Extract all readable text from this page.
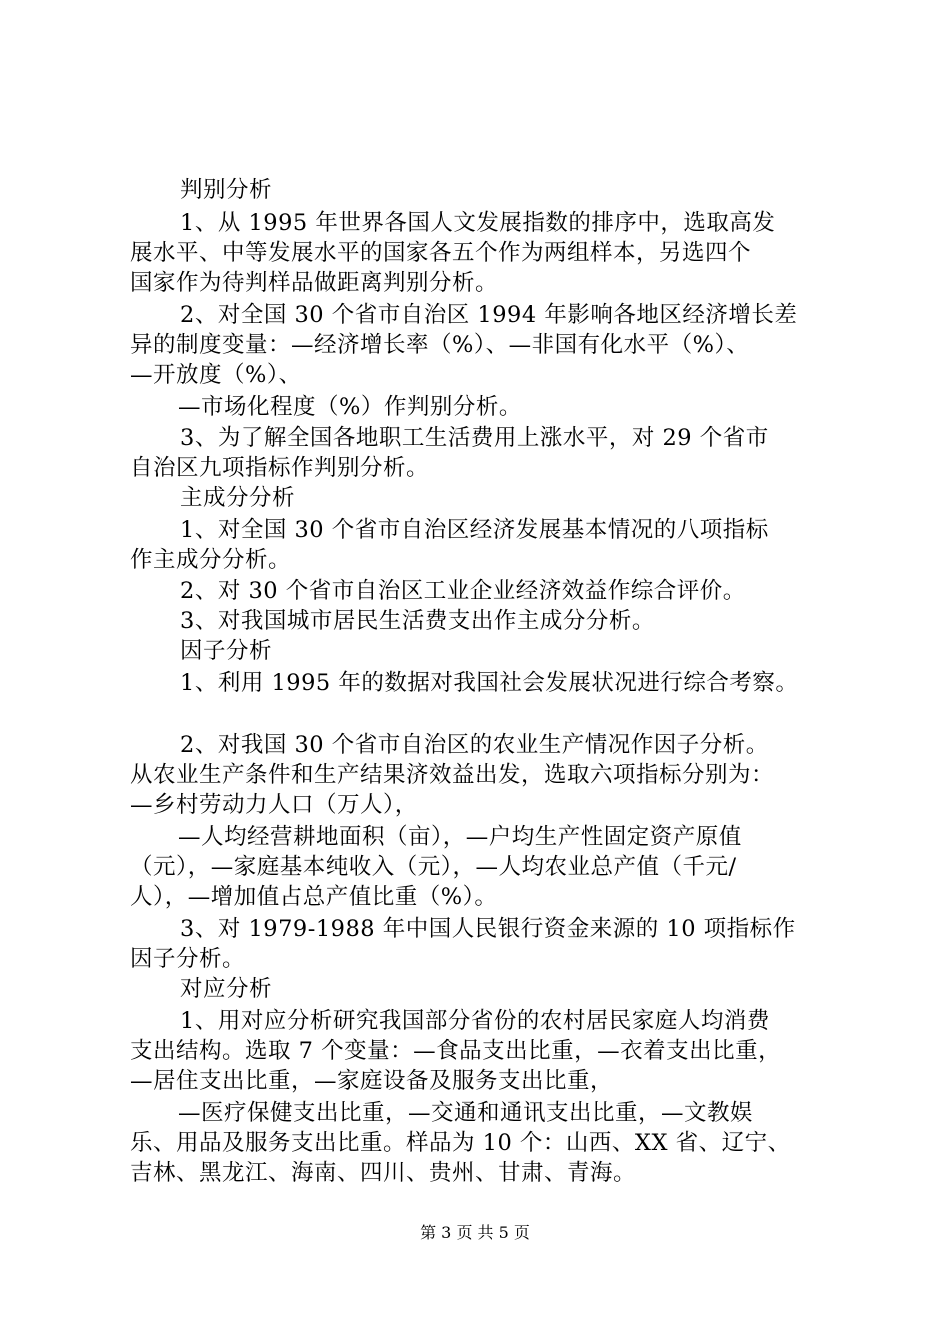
判别分析
1、从 1995 年世界各国人文发展指数的排序中，选取高发
展水平、中等发展水平的国家各五个作为两组样本，另选四个
国家作为待判样品做距离判别分析。
2、对全国 30 个省市自治区 1994 年影响各地区经济增长差
异的制度变量：—经济增长率（%）、—非国有化水平（%）、
—开放度（%）、
—市场化程度（%）作判别分析。
3、为了解全国各地职工生活费用上涨水平，对 29 个省市
自治区九项指标作判别分析。
主成分分析
1、对全国 30 个省市自治区经济发展基本情况的八项指标
作主成分分析。
2、对 30 个省市自治区工业企业经济效益作综合评价。
3、对我国城市居民生活费支出作主成分分析。
因子分析
1、利用 1995 年的数据对我国社会发展状况进行综合考察。
2、对我国 30 个省市自治区的农业生产情况作因子分析。
从农业生产条件和生产结果济效益出发，选取六项指标分别为：
—乡村劳动力人口（万人），
—人均经营耕地面积（亩），—户均生产性固定资产原值
（元），—家庭基本纯收入（元），—人均农业总产值（千元/
人），—增加值占总产值比重（%）。
3、对 1979-1988 年中国人民银行资金来源的 10 项指标作
因子分析。
对应分析
1、用对应分析研究我国部分省份的农村居民家庭人均消费
支出结构。选取 7 个变量：—食品支出比重，—衣着支出比重，
—居住支出比重，—家庭设备及服务支出比重，
—医疗保健支出比重，—交通和通讯支出比重，—文教娱
乐、用品及服务支出比重。样品为 10 个：山西、XX 省、辽宁、
吉林、黑龙江、海南、四川、贵州、甘肃、青海。
第 3 页 共 5 页
